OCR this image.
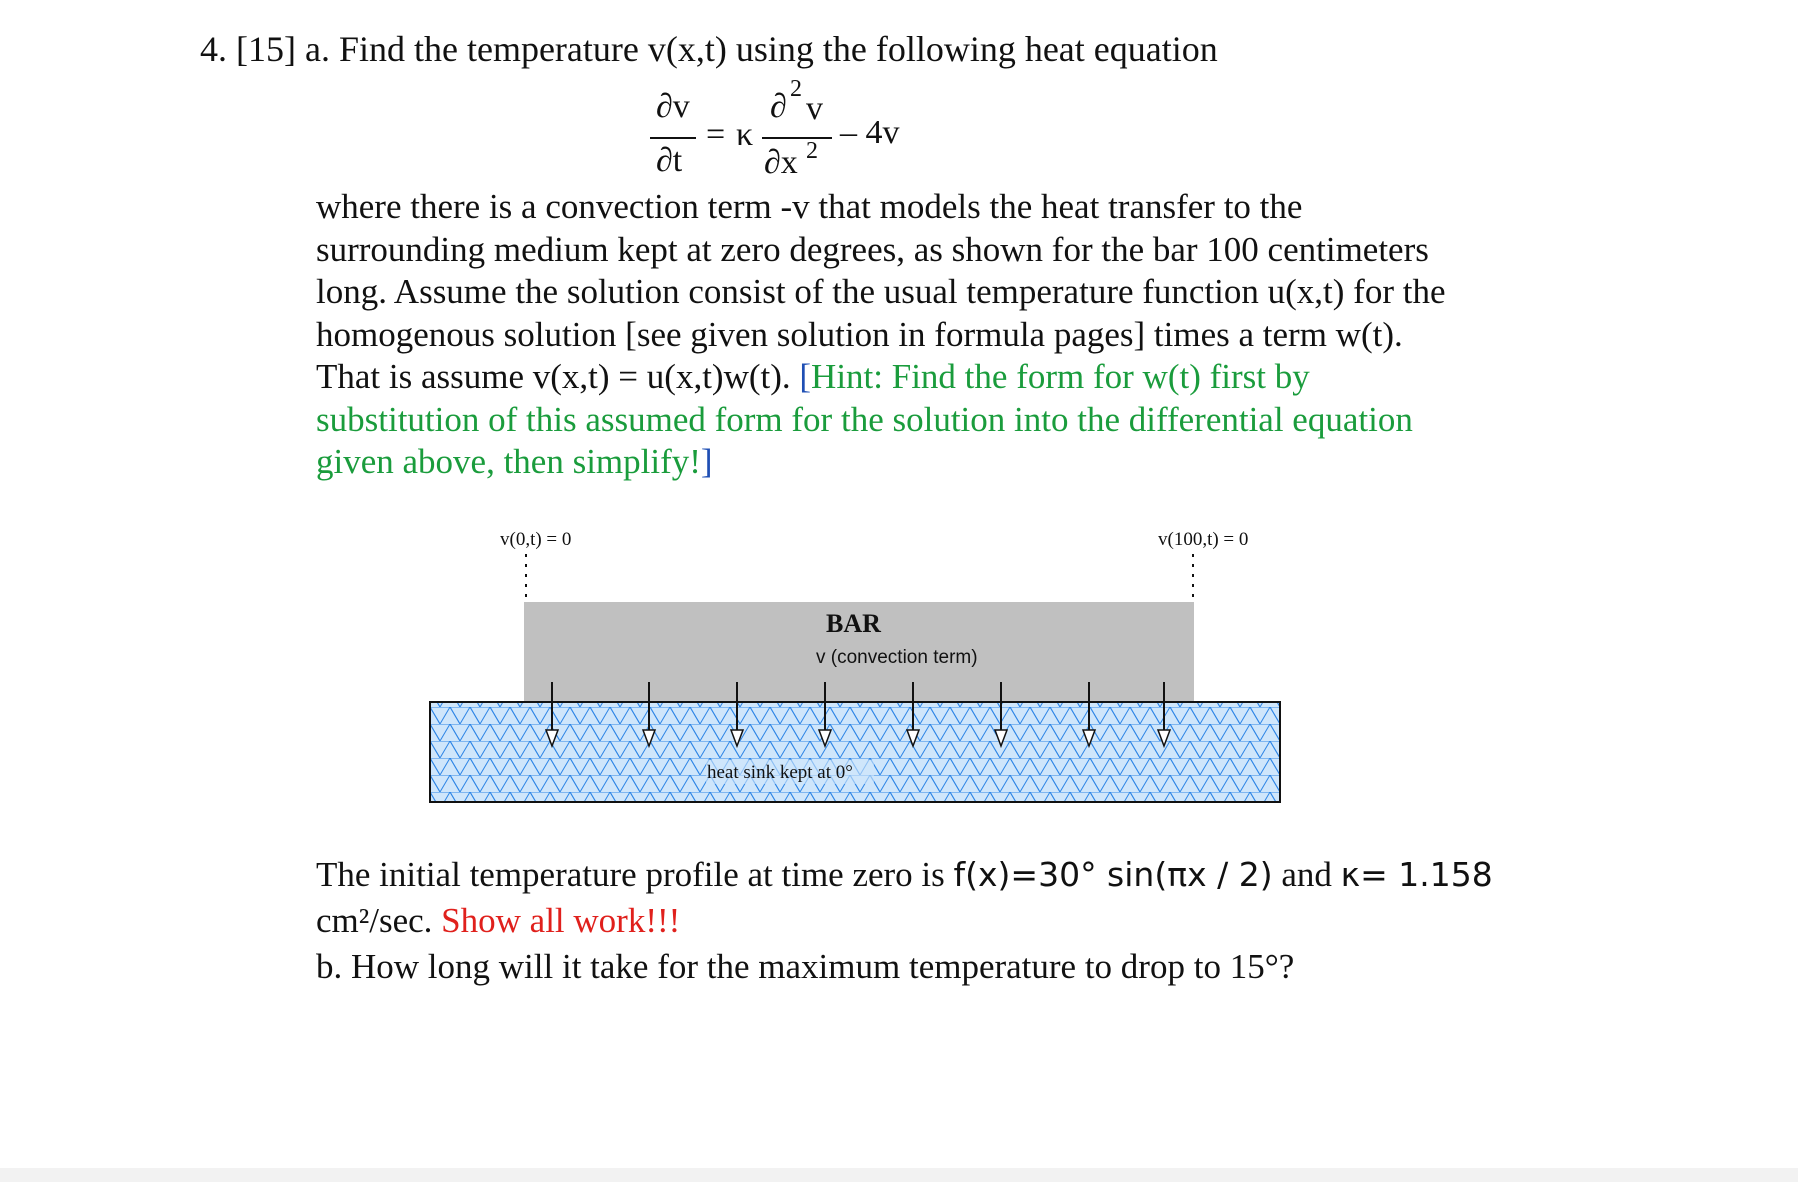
4. [15] a. Find the temperature v(x,t) using the following heat equation
∂v
∂t
= κ
∂ 2
v
∂x 2 – 4v
where there is a convection term -v that models the heat transfer to the
surrounding medium kept at zero degrees, as shown for the bar 100 centimeters
long. Assume the solution consist of the usual temperature function u(x,t) for the
homogenous solution [see given solution in formula pages] times a term w(t).
That is assume v(x,t) = u(x,t)w(t). [Hint: Find the form for w(t) first by
substitution of this assumed form for the solution into the differential equation
given above, then simplify!]
v(0,t) = 0	v(100,t) = 0
BAR
v (convection term)
heat sink kept at 0°
The initial temperature profile at time zero is f(x)=30° sin(πx / 2) and κ= 1.158
cm²/sec. Show all work!!!
b. How long will it take for the maximum temperature to drop to 15°?
